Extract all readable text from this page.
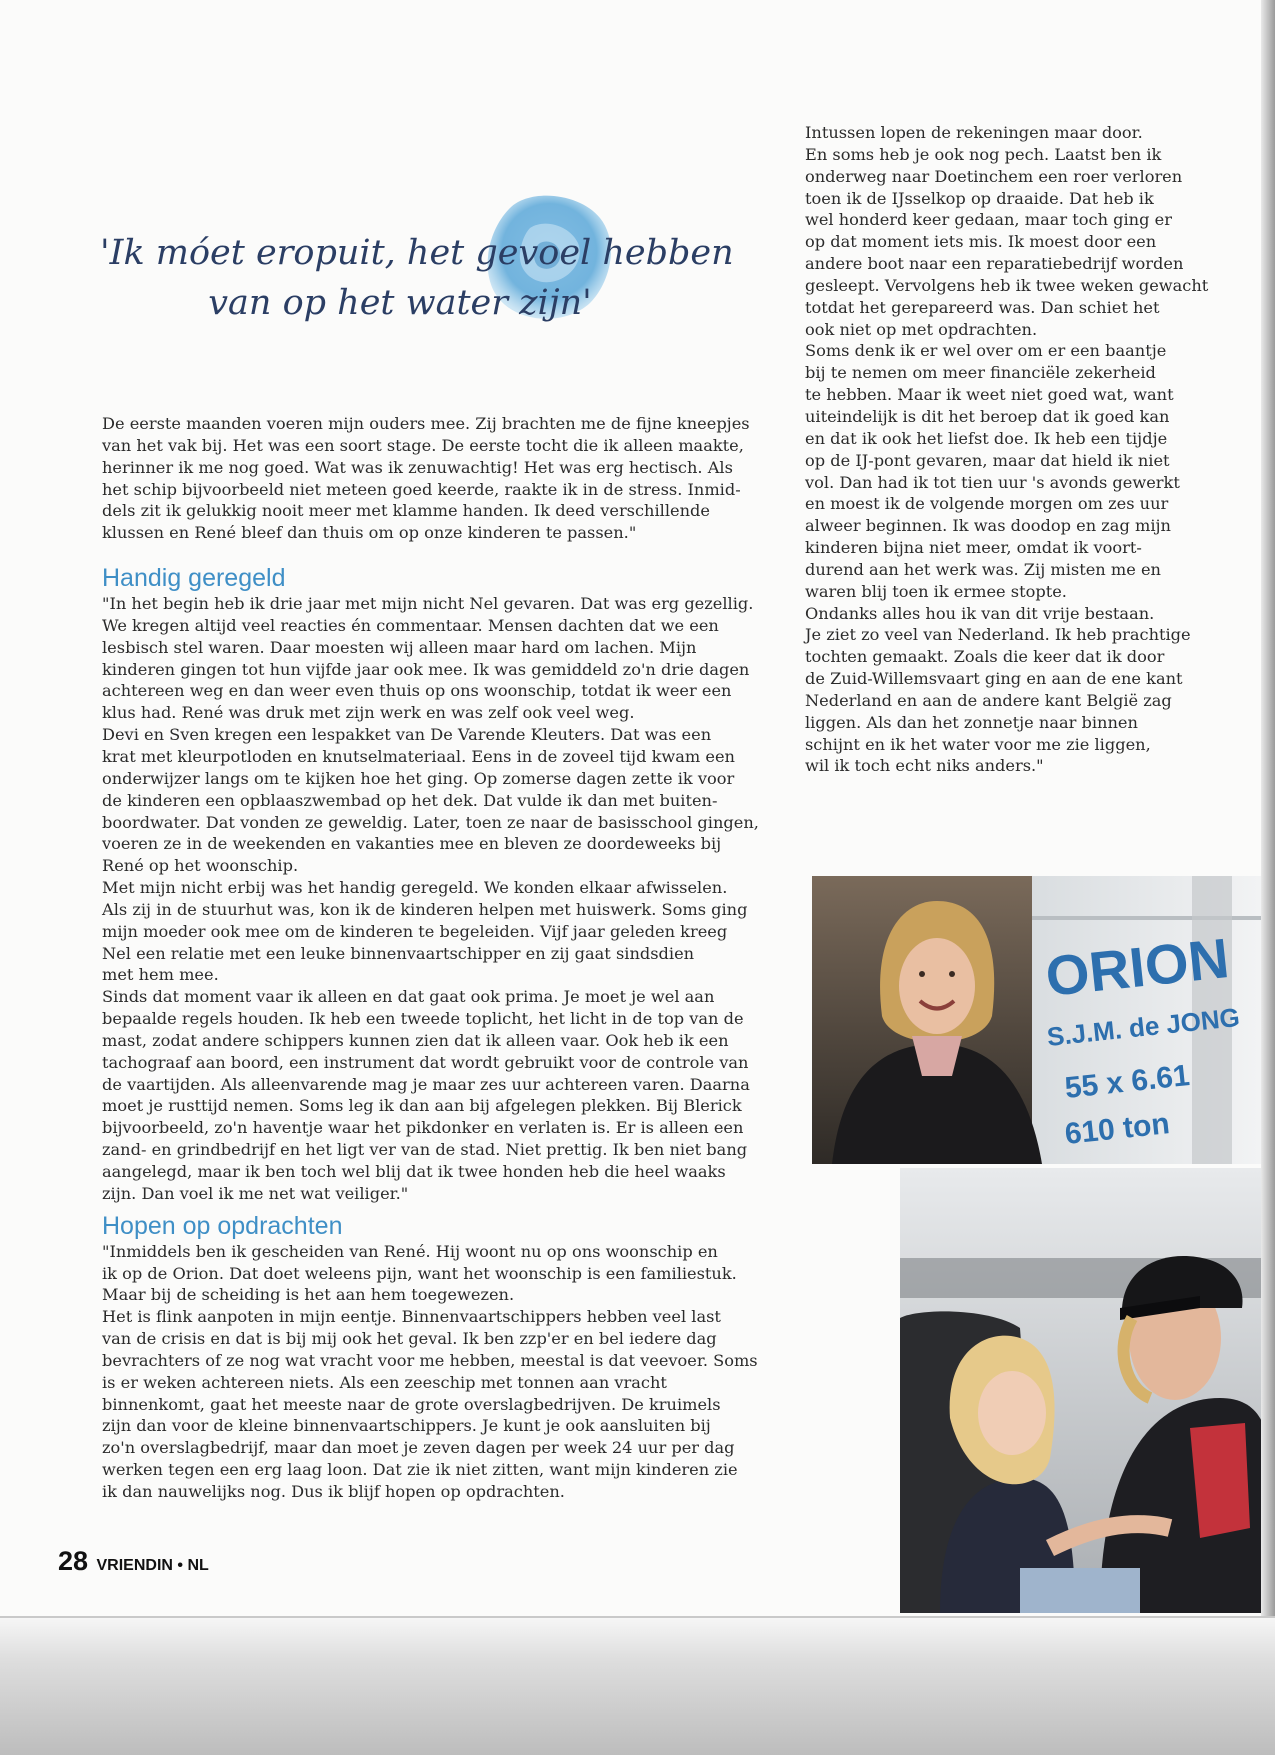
'Ik móet eropuit, het gevoel hebben
van op het water zijn'

De eerste maanden voeren mijn ouders mee. Zij brachten me de fijne kneepjes

van het vak bij. Het was een soort stage. De eerste tocht die ik alleen maakte,

herinner ik me nog goed. Wat was ik zenuwachtig! Het was erg hectisch. Als

het schip bijvoorbeeld niet meteen goed keerde, raakte ik in de stress. Inmid-

dels zit ik gelukkig nooit meer met klamme handen. Ik deed verschillende

klussen en René bleef dan thuis om op onze kinderen te passen."

Handig geregeld

"In het begin heb ik drie jaar met mijn nicht Nel gevaren. Dat was erg gezellig.

We kregen altijd veel reacties én commentaar. Mensen dachten dat we een

lesbisch stel waren. Daar moesten wij alleen maar hard om lachen. Mijn

kinderen gingen tot hun vijfde jaar ook mee. Ik was gemiddeld zo'n drie dagen

achtereen weg en dan weer even thuis op ons woonschip, totdat ik weer een

klus had. René was druk met zijn werk en was zelf ook veel weg.

Devi en Sven kregen een lespakket van De Varende Kleuters. Dat was een

krat met kleurpotloden en knutselmateriaal. Eens in de zoveel tijd kwam een

onderwijzer langs om te kijken hoe het ging. Op zomerse dagen zette ik voor

de kinderen een opblaaszwembad op het dek. Dat vulde ik dan met buiten-

boordwater. Dat vonden ze geweldig. Later, toen ze naar de basisschool gingen,

voeren ze in de weekenden en vakanties mee en bleven ze doordeweeks bij

René op het woonschip.

Met mijn nicht erbij was het handig geregeld. We konden elkaar afwisselen.

Als zij in de stuurhut was, kon ik de kinderen helpen met huiswerk. Soms ging

mijn moeder ook mee om de kinderen te begeleiden. Vijf jaar geleden kreeg

Nel een relatie met een leuke binnenvaartschipper en zij gaat sindsdien

met hem mee.

Sinds dat moment vaar ik alleen en dat gaat ook prima. Je moet je wel aan

bepaalde regels houden. Ik heb een tweede toplicht, het licht in de top van de

mast, zodat andere schippers kunnen zien dat ik alleen vaar. Ook heb ik een

tachograaf aan boord, een instrument dat wordt gebruikt voor de controle van

de vaartijden. Als alleenvarende mag je maar zes uur achtereen varen. Daarna

moet je rusttijd nemen. Soms leg ik dan aan bij afgelegen plekken. Bij Blerick

bijvoorbeeld, zo'n haventje waar het pikdonker en verlaten is. Er is alleen een

zand- en grindbedrijf en het ligt ver van de stad. Niet prettig. Ik ben niet bang

aangelegd, maar ik ben toch wel blij dat ik twee honden heb die heel waaks

zijn. Dan voel ik me net wat veiliger."

Hopen op opdrachten

"Inmiddels ben ik gescheiden van René. Hij woont nu op ons woonschip en

ik op de Orion. Dat doet weleens pijn, want het woonschip is een familiestuk.

Maar bij de scheiding is het aan hem toegewezen.

Het is flink aanpoten in mijn eentje. Binnenvaartschippers hebben veel last

van de crisis en dat is bij mij ook het geval. Ik ben zzp'er en bel iedere dag

bevrachters of ze nog wat vracht voor me hebben, meestal is dat veevoer. Soms

is er weken achtereen niets. Als een zeeschip met tonnen aan vracht

binnenkomt, gaat het meeste naar de grote overslagbedrijven. De kruimels

zijn dan voor de kleine binnenvaartschippers. Je kunt je ook aansluiten bij

zo'n overslagbedrijf, maar dan moet je zeven dagen per week 24 uur per dag

werken tegen een erg laag loon. Dat zie ik niet zitten, want mijn kinderen zie

ik dan nauwelijks nog. Dus ik blijf hopen op opdrachten.

Intussen lopen de rekeningen maar door.

En soms heb je ook nog pech. Laatst ben ik

onderweg naar Doetinchem een roer verloren

toen ik de IJsselkop op draaide. Dat heb ik

wel honderd keer gedaan, maar toch ging er

op dat moment iets mis. Ik moest door een

andere boot naar een reparatiebedrijf worden

gesleept. Vervolgens heb ik twee weken gewacht

totdat het gerepareerd was. Dan schiet het

ook niet op met opdrachten.

Soms denk ik er wel over om er een baantje

bij te nemen om meer financiële zekerheid

te hebben. Maar ik weet niet goed wat, want

uiteindelijk is dit het beroep dat ik goed kan

en dat ik ook het liefst doe. Ik heb een tijdje

op de IJ-pont gevaren, maar dat hield ik niet

vol. Dan had ik tot tien uur 's avonds gewerkt

en moest ik de volgende morgen om zes uur

alweer beginnen. Ik was doodop en zag mijn

kinderen bijna niet meer, omdat ik voort-

durend aan het werk was. Zij misten me en

waren blij toen ik ermee stopte.

Ondanks alles hou ik van dit vrije bestaan.

Je ziet zo veel van Nederland. Ik heb prachtige

tochten gemaakt. Zoals die keer dat ik door

de Zuid-Willemsvaart ging en aan de ene kant

Nederland en aan de andere kant België zag

liggen. Als dan het zonnetje naar binnen

schijnt en ik het water voor me zie liggen,

wil ik toch echt niks anders."

ORION
S.J.M. de JONG
55 x 6.61
610 ton
28 VRIENDIN • NL
